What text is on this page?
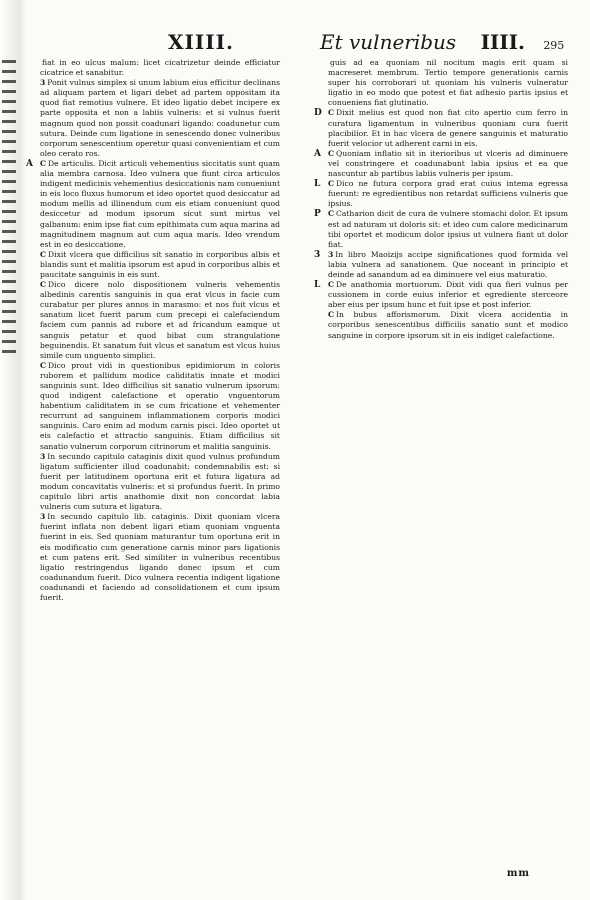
XIIII.	Et vulneribus IIII. 295
fiat in eo ulcus malum: licet cicatrizetur deinde efficiatur cicatrice et sanabitur.
3 Ponit vulnus simplex si unum labium eius efficitur declinans ad aliquam partem et ligari debet ad partem oppositam ita quod fiat remotius vulnere. Et ideo ligatio debet incipere ex parte opposita et non a labiis vulneris: et si vulnus fuerit magnum quod non possit coadunari ligando: coadunetur cum sutura. Deinde cum ligatione in senescendo donec vulneribus corporum senescentium operetur quasi convenientiam et cum oleo cerato ros.
A C De articulis. Dicit articuli vehementius siccitatis sunt quam alia membra carnosa. Ideo vulnera que fiunt circa articulos indigent medicinis vehementius desiccationis nam conueniunt in eis loco fluxus humorum et ideo oportet quod desiccatur ad modum mellis ad illinendum cum eis etiam conueniunt quod desiccetur ad modum ipsorum sicut sunt mirtus vel galbanum: enim ipse fiat cum epithimata cum aqua marina ad magnitudinem magnum aut cum aqua maris. Ideo vrendum est in eo desiccatione.
C Dixit vlcera que difficilius sit sanatio in corporibus albis et blandis sunt et malitia ipsorum est apud in corporibus albis et paucitate sanguinis in eis sunt.
C Dico dicere nolo dispositionem vulneris vehementis albedinis carentis sanguinis in qua erat vlcus in facie cum curabatur per plures annos in marasmo: et nos fuit vlcus et sanatum licet fuerit parum cum precepi ei calefaciendum faciem cum pannis ad rubore et ad fricandum eamque ut sanguis petatur et quod bibat cum strangulatione beguinendis. Et sanatum fuit vlcus et sanatum est vlcus huius simile cum unguento simplici.
C Dico prout vidi in questionibus epidimiorum in coloris ruborem et pallidum modice caliditatis innate et modici sanguinis sunt. Ideo difficilius sit sanatio vulnerum ipsorum: quod indigent calefactione et operatio vnguentorum habentium caliditatem in se cum fricatione et vehementer recurrunt ad sanguinem inflammationem corporis modici sanguinis. Caro enim ad modum carnis pisci. Ideo oportet ut eis calefactio et attractio sanguinis. Etiam difficilius sit sanatio vulnerum corporum citrinorum et malitia sanguinis.
3 In secundo capitulo cataginis dixit quod vulnus profundum ligatum sufficienter illud coadunabit: condemnabilis est: si fuerit per latitudinem oportuna erit et futura ligatura ad modum concavitatis vulneris: et si profundus fuerit. In primo capitulo libri artis anathomie dixit non concordat labia vulneris cum sutura et ligatura.
3 In secundo capitulo lib. cataginis. Dixit quoniam vlcera fuerint inflata non debent ligari etiam quoniam vnguenta fuerint in eis. Sed quoniam maturantur tum oportuna erit in eis modificatio cum generatione carnis minor pars ligationis et cum patens erit. Sed similiter in vulneribus recentibus ligatio restringendus ligando donec ipsum et cum coadunandum fuerit. Dico vulnera recentia indigent ligatione coadunandi et faciendo ad consolidationem et cum ipsum fuerit.
guis ad ea quoniam nil nocitum magis erit quam si macreseret membrum. Tertio tempore generationis carnis super his corroborari ut quoniam his vulneris vulneratur ligatio in eo modo que potest et fiat adhesio partis ipsius et conueniens fiat glutinatio.
D C Dixit melius est quod non fiat cito apertio cum ferro in curatura ligamentum in vulneribus quoniam cura fuerit placibilior. Et in hac vlcera de genere sanguinis et maturatio fuerit velocior ut adherent carni in eis.
A C Quoniam inflatio sit in iterioribus ut vlceris ad diminuere vel constringere et coadunabunt labia ipsius et ea que nascuntur ab partibus labiis vulneris per ipsum.
L C Dico ne futura corpora grad erat cuius intema egressa fuerunt: re egredientibus non retardat sufficiens vulneris que ipsius.
P C Catharion dicit de cura de vulnere stomachi dolor. Et ipsum est ad naturam ut doloris sit: et ideo cum calore medicinarum tibi oportet et modicum dolor ipsius ut vulnera fiant ut dolor fiat.
3 3 In libro Maoizijs accipe significationes quod formida vel labia vulnera ad sanationem. Que noceant in principio et deinde ad sanandum ad ea diminuere vel eius maturatio.
L C De anathomia mortuorum. Dixit vidi qua fieri vulnus per cussionem in corde euius inferior et egrediente sterceore aber eius per ipsum hunc et fuit ipse et post inferior.
C In bubus afforismorum. Dixit vlcera accidentia in corporibus senescentibus difficilis sanatio sunt et modico sanguine in corpore ipsorum sit in eis indiget calefactione.
mm
